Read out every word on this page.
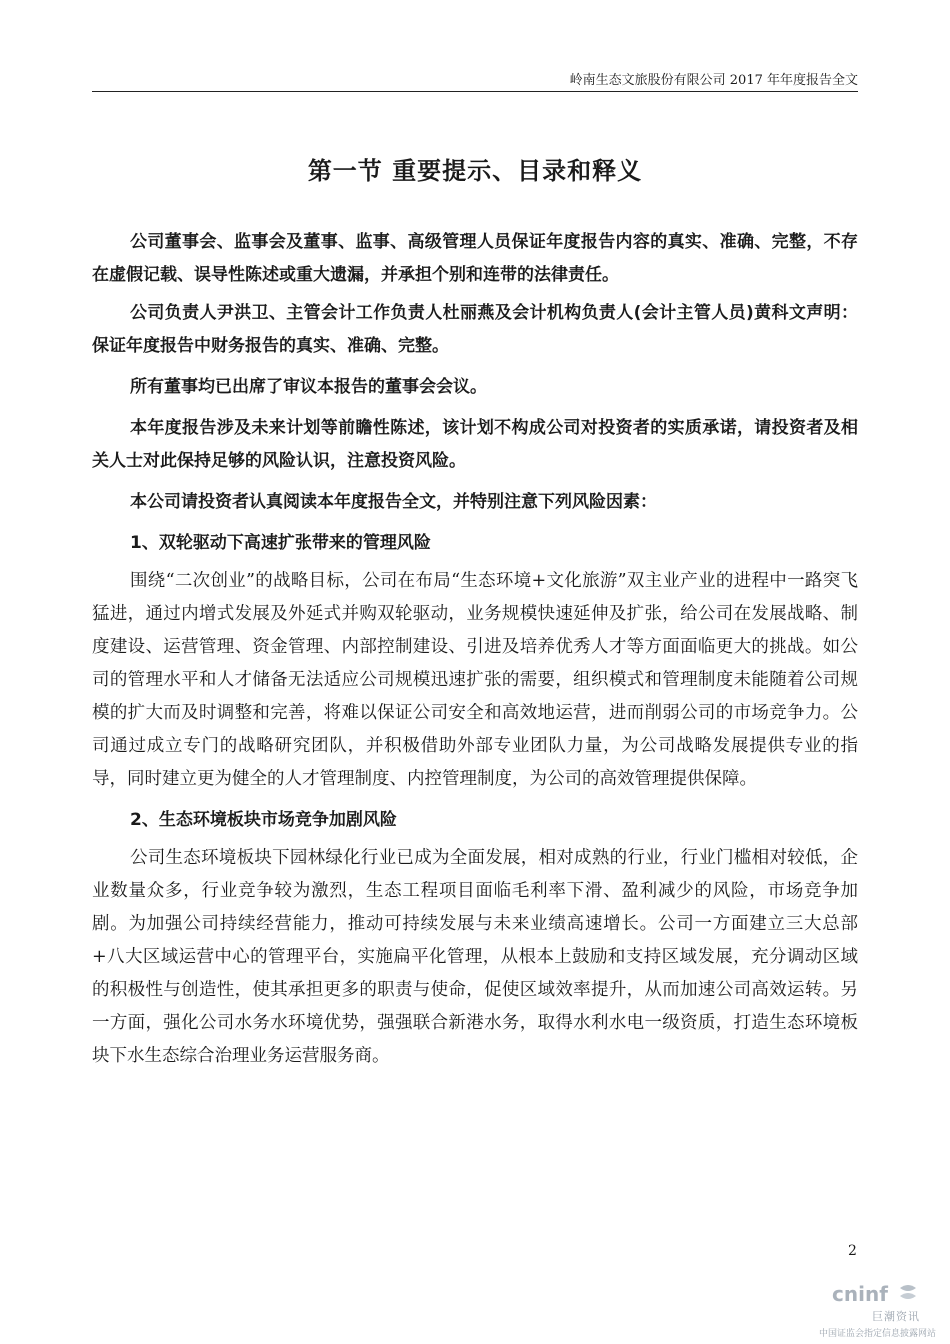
岭南生态文旅股份有限公司 2017 年年度报告全文
第一节 重要提示、目录和释义

公司董事会、监事会及董事、监事、高级管理人员保证年度报告内容的真实、准确、完整，不存在虚假记载、误导性陈述或重大遗漏，并承担个别和连带的法律责任。

公司负责人尹洪卫、主管会计工作负责人杜丽燕及会计机构负责人(会计主管人员)黄科文声明：保证年度报告中财务报告的真实、准确、完整。

所有董事均已出席了审议本报告的董事会会议。

本年度报告涉及未来计划等前瞻性陈述，该计划不构成公司对投资者的实质承诺，请投资者及相关人士对此保持足够的风险认识，注意投资风险。

本公司请投资者认真阅读本年度报告全文，并特别注意下列风险因素：

1、双轮驱动下高速扩张带来的管理风险

围绕“二次创业”的战略目标，公司在布局“生态环境+文化旅游”双主业产业的进程中一路突飞猛进，通过内增式发展及外延式并购双轮驱动，业务规模快速延伸及扩张，给公司在发展战略、制度建设、运营管理、资金管理、内部控制建设、引进及培养优秀人才等方面面临更大的挑战。如公司的管理水平和人才储备无法适应公司规模迅速扩张的需要，组织模式和管理制度未能随着公司规模的扩大而及时调整和完善，将难以保证公司安全和高效地运营，进而削弱公司的市场竞争力。公司通过成立专门的战略研究团队，并积极借助外部专业团队力量，为公司战略发展提供专业的指导，同时建立更为健全的人才管理制度、内控管理制度，为公司的高效管理提供保障。

2、生态环境板块市场竞争加剧风险

公司生态环境板块下园林绿化行业已成为全面发展，相对成熟的行业，行业门槛相对较低，企业数量众多，行业竞争较为激烈，生态工程项目面临毛利率下滑、盈利减少的风险，市场竞争加剧。为加强公司持续经营能力，推动可持续发展与未来业绩高速增长。公司一方面建立三大总部+八大区域运营中心的管理平台，实施扁平化管理，从根本上鼓励和支持区域发展，充分调动区域的积极性与创造性，使其承担更多的职责与使命，促使区域效率提升，从而加速公司高效运转。另一方面，强化公司水务水环境优势，强强联合新港水务，取得水利水电一级资质，打造生态环境板块下水生态综合治理业务运营服务商。

2
cninf
巨潮资讯
中国证监会指定信息披露网站
